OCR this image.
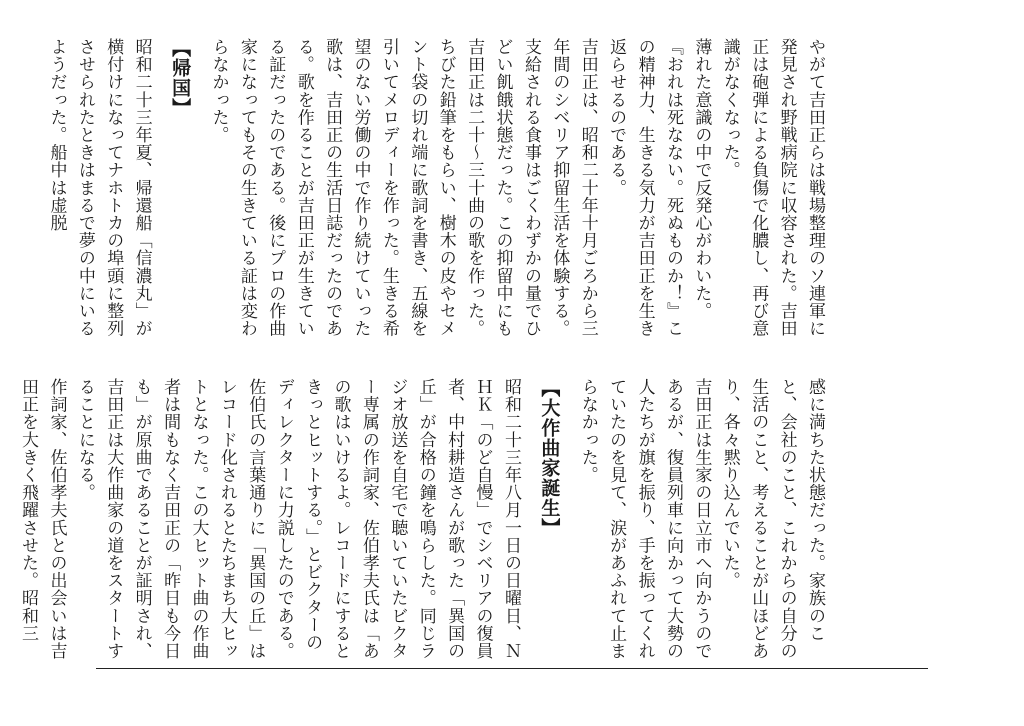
やがて吉田正らは戦場整理のソ連軍に発見され野戦病院に収容された。吉田正は砲弾による負傷で化膿し、再び意識がなくなった。
薄れた意識の中で反発心がわいた。『おれは死なない。死ぬものか！』この精神力、生きる気力が吉田正を生き返らせるのである。
吉田正は、昭和二十年十月ごろから三年間のシベリア抑留生活を体験する。支給される食事はごくわずかの量でひどい飢餓状態だった。この抑留中にも吉田正は二十〜三十曲の歌を作った。ちびた鉛筆をもらい、樹木の皮やセメント袋の切れ端に歌詞を書き、五線を引いてメロディーを作った。生きる希望のない労働の中で作り続けていった歌は、吉田正の生活日誌だったのである。歌を作ることが吉田正が生きている証だったのである。後にプロの作曲家になってもその生きている証は変わらなかった。
【帰国】
昭和二十三年夏、帰還船「信濃丸」が横付けになってナホトカの埠頭に整列させられたときはまるで夢の中にいるようだった。船中は虚脱
感に満ちた状態だった。家族のこと、会社のこと、これからの自分の生活のこと、考えることが山ほどあり、各々黙り込んでいた。
吉田正は生家の日立市へ向かうのであるが、復員列車に向かって大勢の人たちが旗を振り、手を振ってくれていたのを見て、涙があふれて止まらなかった。
【大作曲家誕生】
昭和二十三年八月一日の日曜日、ＮＨＫ「のど自慢」でシベリアの復員者、中村耕造さんが歌った「異国の丘」が合格の鐘を鳴らした。同じラジオ放送を自宅で聴いていたビクター専属の作詞家、佐伯孝夫氏は「あの歌はいけるよ。レコードにするときっとヒットする。」とビクターのディレクターに力説したのである。佐伯氏の言葉通りに「異国の丘」はレコード化されるとたちまち大ヒットとなった。この大ヒット曲の作曲者は間もなく吉田正の「昨日も今日も」が原曲であることが証明され、吉田正は大作曲家の道をスタートすることになる。
作詞家、佐伯孝夫氏との出会いは吉田正を大きく飛躍させた。昭和三
